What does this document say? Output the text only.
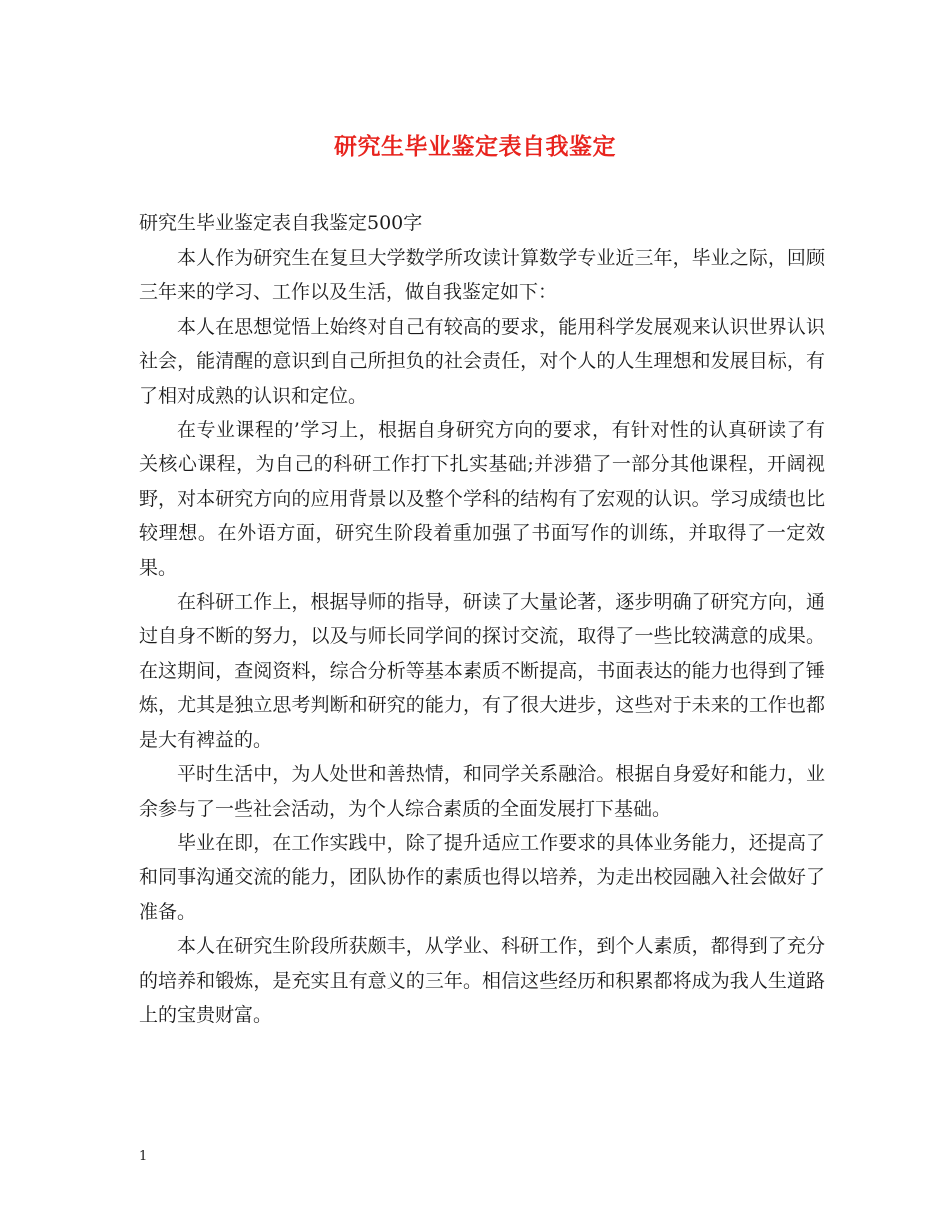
研究生毕业鉴定表自我鉴定

研究生毕业鉴定表自我鉴定500字

本人作为研究生在复旦大学数学所攻读计算数学专业近三年，毕业之际，回顾三年来的学习、工作以及生活，做自我鉴定如下：

本人在思想觉悟上始终对自己有较高的要求，能用科学发展观来认识世界认识社会，能清醒的意识到自己所担负的社会责任，对个人的人生理想和发展目标，有了相对成熟的认识和定位。

在专业课程的’学习上，根据自身研究方向的要求，有针对性的认真研读了有关核心课程，为自己的科研工作打下扎实基础;并涉猎了一部分其他课程，开阔视野，对本研究方向的应用背景以及整个学科的结构有了宏观的认识。学习成绩也比较理想。在外语方面，研究生阶段着重加强了书面写作的训练，并取得了一定效果。

在科研工作上，根据导师的指导，研读了大量论著，逐步明确了研究方向，通过自身不断的努力，以及与师长同学间的探讨交流，取得了一些比较满意的成果。在这期间，查阅资料，综合分析等基本素质不断提高，书面表达的能力也得到了锤炼，尤其是独立思考判断和研究的能力，有了很大进步，这些对于未来的工作也都是大有裨益的。

平时生活中，为人处世和善热情，和同学关系融洽。根据自身爱好和能力，业余参与了一些社会活动，为个人综合素质的全面发展打下基础。

毕业在即，在工作实践中，除了提升适应工作要求的具体业务能力，还提高了和同事沟通交流的能力，团队协作的素质也得以培养，为走出校园融入社会做好了准备。

本人在研究生阶段所获颇丰，从学业、科研工作，到个人素质，都得到了充分的培养和锻炼，是充实且有意义的三年。相信这些经历和积累都将成为我人生道路上的宝贵财富。

1
